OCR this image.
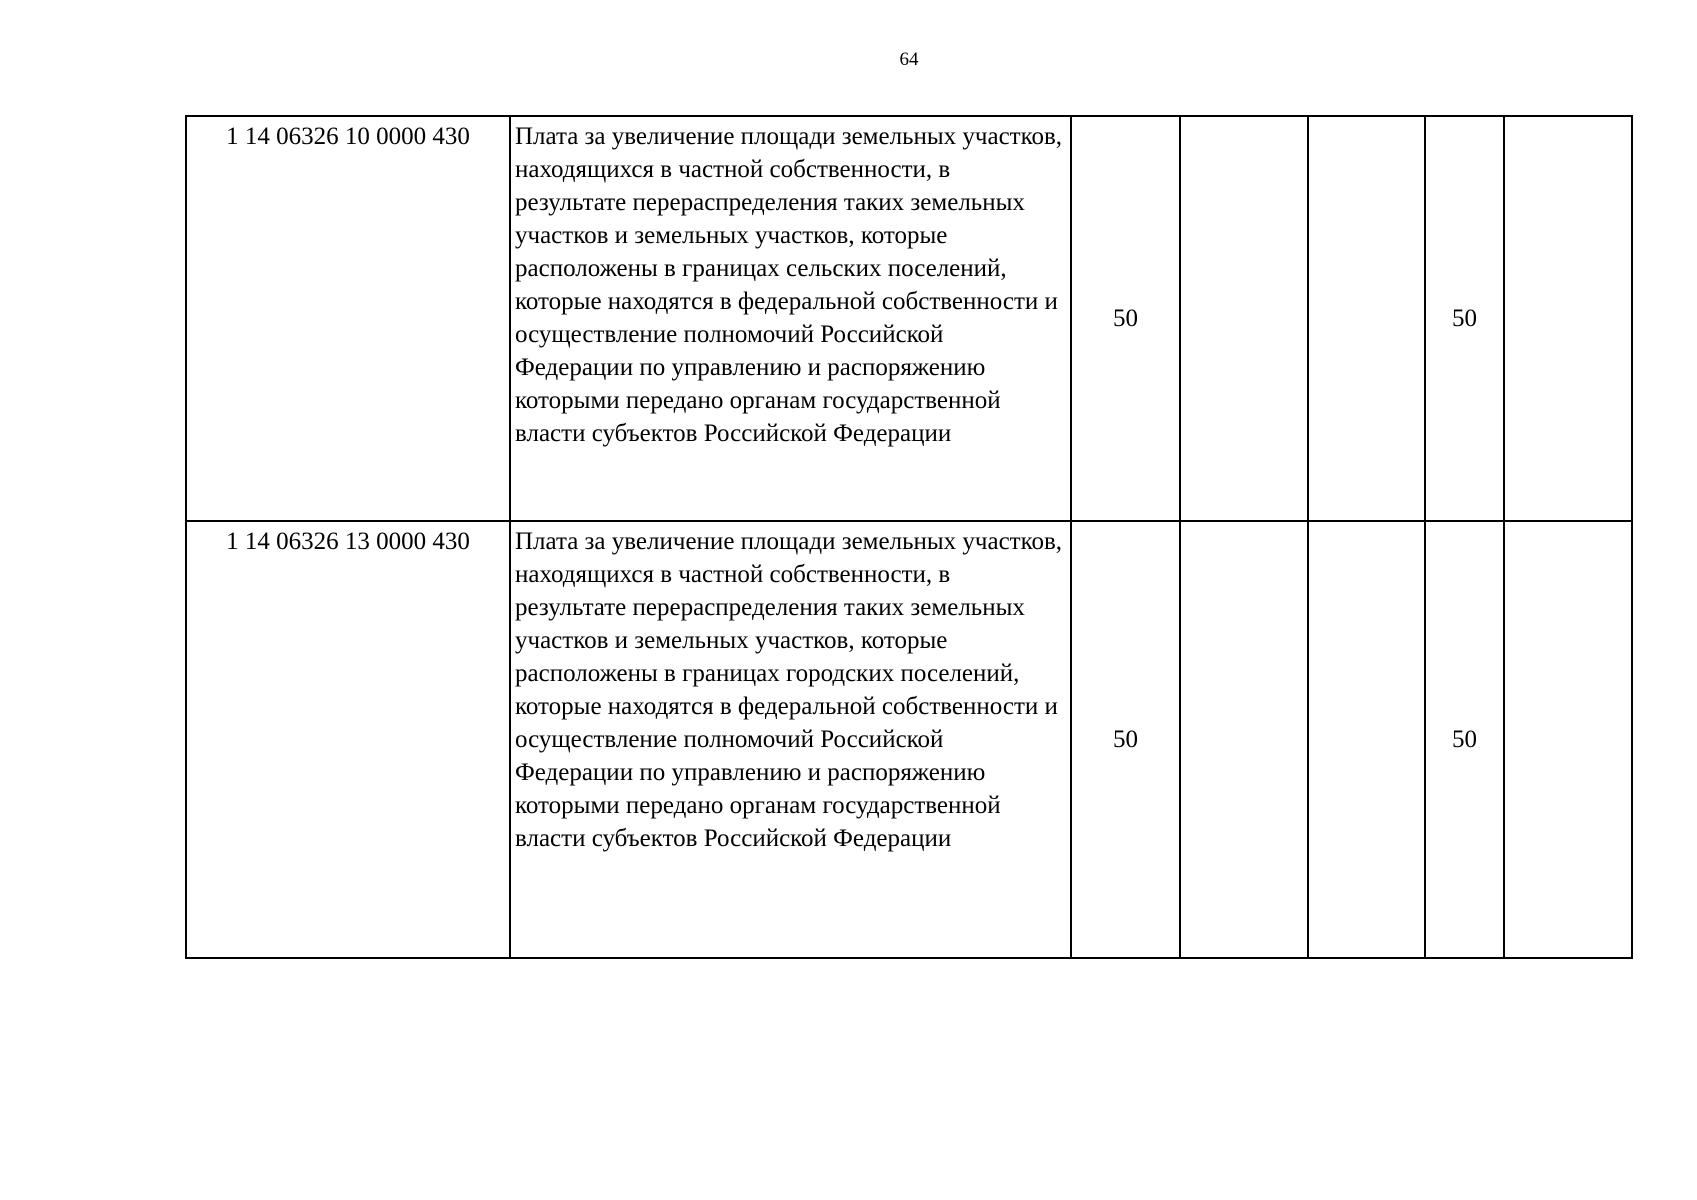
64
1 14 06326 10 0000 430	Плата за увеличение площади земельных участков, находящихся в частной собственности, в результате перераспределения таких земельных участков и земельных участков, которые расположены в границах сельских поселений, которые находятся в федеральной собственности и осуществление полномочий Российской Федерации по управлению и распоряжению которыми передано органам государственной власти субъектов Российской Федерации	50			50	
1 14 06326 13 0000 430	Плата за увеличение площади земельных участков, находящихся в частной собственности, в результате перераспределения таких земельных участков и земельных участков, которые расположены в границах городских поселений, которые находятся в федеральной собственности и осуществление полномочий Российской Федерации по управлению и распоряжению которыми передано органам государственной власти субъектов Российской Федерации	50			50	
